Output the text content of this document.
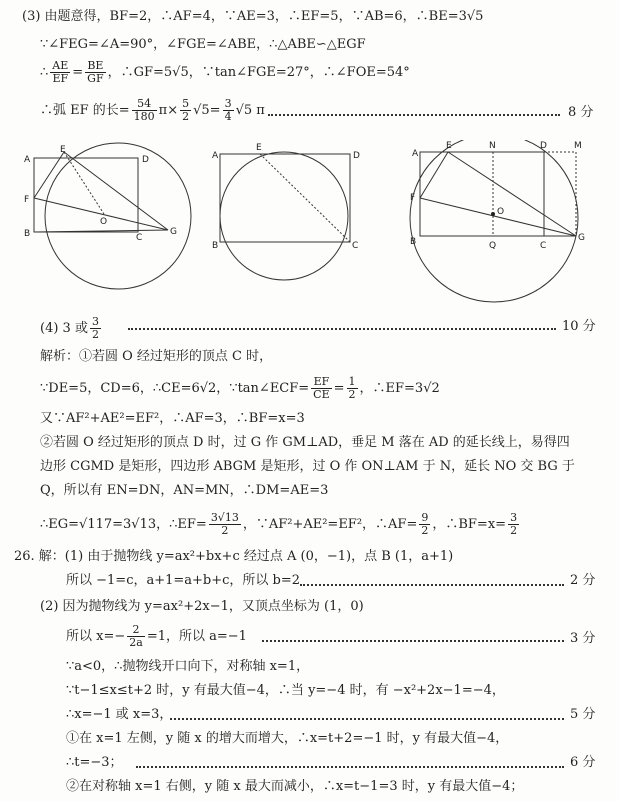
(3) 由题意得，BF=2，∴AF=4，∵AE=3，∴EF=5，∵AB=6，∴BE=3√5
∵∠FEG=∠A=90°，∠FGE=∠ABE，∴△ABE∽△EGF
∴ $\frac{AE}{EF} = \frac{BE}{GF}$ ，∴GF=5√5，∵tan∠FGE=27°，∴∠FOE=54°
∴弧 EF 的长= $\frac{54}{180} \pi\times \frac{5}{2} √5= \frac{3}{4} √5$ π	8 分
A
E
D
F
O
B	C
G
A
E
D
B	C
A
E	N	D	M
F
O
B	Q	C
G
(4) 3 或 $\frac{3}{2}$	10 分
解析：①若圆 O 经过矩形的顶点 C 时，
∵DE=5，CD=6，∴CE=6√2，∵tan∠ECF= $\frac{EF}{CE} = \frac{1}{2}$ ，∴EF=3√2
又∵AF²+AE²=EF²，∴AF=3，∴BF=x=3
②若圆 O 经过矩形的顶点 D 时，过 G 作 GM⊥AD，垂足 M 落在 AD 的延长线上，易得四
边形 CGMD 是矩形，四边形 ABGM 是矩形，过 O 作 ON⊥AM 于 N，延长 NO 交 BG 于
Q，所以有 EN=DN，AN=MN，∴DM=AE=3
∴EG=√117=3√13，∴EF= $\frac{3√13}{2}$ ，∵AF²+AE²=EF²，∴AF= $\frac{9}{2}$ ，∴BF=x= $\frac{3}{2}$
26. 解：(1) 由于抛物线 y=ax²+bx+c 经过点 A (0，−1)，点 B (1，a+1)
所以 −1=c，a+1=a+b+c，所以 b=2	2 分
(2) 因为抛物线为 y=ax²+2x−1，又顶点坐标为 (1，0)
所以 $x=- \frac{2}{2a} =1$，所以 a=−1	3 分
∵a<0，∴抛物线开口向下，对称轴 x=1，
∵t−1≤x≤t+2 时，y 有最大值−4，∴当 y=−4 时，有 −x²+2x−1=−4，
∴x=−1 或 x=3，	5 分
①在 x=1 左侧，y 随 x 的增大而增大，∴x=t+2=−1 时，y 有最大值−4，
∴t=−3；	6 分
②在对称轴 x=1 右侧，y 随 x 最大而减小，∴x=t−1=3 时，y 有最大值−4；
